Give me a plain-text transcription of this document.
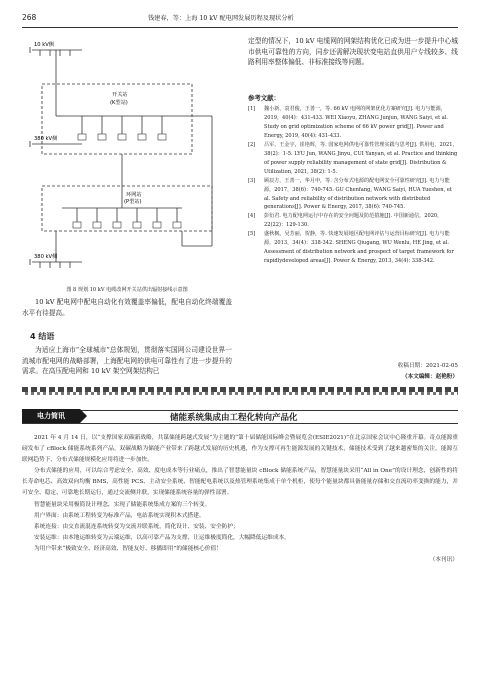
268	钱建春，等：上海 10 kV 配电网发展历程及现状分析
10 kV侧
380 kV侧
开关站
(K型站)
环网站
(P型站)
380 kV侧
图 8 规划 10 kV 电缆改网开关站供出辐射接线示意图

10 kV 配电网中配电自动化有效覆盖率偏低，配电自动化终端覆盖水平有待提高。

4 结语

为适应上海市“全球城市”总体规划，贯彻落实国网公司建设世界一流城市配电网的战略部署，上海配电网的供电可靠性有了进一步提升的需求。在高压配电网和 10 kV 架空网架结构已

定型的情况下，10 kV 电缆网的网架结构优化已成为进一步提升中心城市供电可靠性的方向，同步还需解决现状变电站直供用户专线较多、线路利用率整体偏低、非标准接线等问题。

参考文献：
[1]	魏小新，袁君俊，王善一，等. 66 kV 电网的网架优化方案研究[J]. 电力与能源，2019，40(4)：431-433. WEI Xiaoyu, ZHANG Junjun, WANG Saiyi, et al. Study on grid optimization scheme of 66 kV power grid[J]. Power and Energy, 2019, 40(4): 431-433.
[2]	吕军，王金宇，崔艳辉，等. 国家电网供电可靠性管理实践与思考[J]. 供用电，2021，38(2)：1-5. LYU Jun, WANG Jinyu, CUI Yanyan, et al. Practice and thinking of power supply reliability management of state grid[J]. Distribution & Utilization, 2021, 38(2): 1-5.
[3]	顾辰方，王善一，华月申，等. 含分布式电源的配电网安全可靠性研究[J]. 电力与能源，2017，38(6)：740-745. GU Chenfang, WANG Saiyi, HUA Yueshen, et al. Safety and reliability of distribution network with distributed generations[J]. Power & Energy, 2017, 38(6): 740-745.
[4]	彭衍君. 电力配电网运行中存在的安全问题及防范措施[J]. 中国新通信，2020，22(22)：129-130.
[5]	盛秋枫，吴芳丽，贺静，等. 快速发展地区配电网评估与运营目标研究[J]. 电力与能源，2013，34(4)：338-342. SHENG Qiugang, WU Wenlu, HE Jing, et al. Assessment of distribution network and prospect of target framework for rapidlydeveloped areas[J]. Power & Energy, 2013, 34(4): 338-342.
收稿日期：2021-02-05
（本文编辑：赵艳粉）
电力简讯	储能系统集成由工程化转向产品化

2021 年 4 月 14 日，以“支撑国家双碳新战略，共谋储能跨越式发展”为主题的“第十届储能国际峰会暨展览会(ESIE2021)”在北京国家会议中心隆重开幕。奇点能源重磅发布了 cBlock 储能系统系列产品。双碳战略为储能产业带来了跨越式发展的历史机遇，作为支撑可再生能源发展的关键技术，储能技术受到了越来越密集的关注。能源互联网趋势下，分布式储能规模化应用将进一步加快。

分布式储能的应用，可以综合考虑安全、高效、度电成本等行业痛点，推出了智慧能量块 cBlock 储能系统产品，智慧能量块采用“All in One”的设计理念，创新性的将长寿命电芯、高效双向均衡 BMS、高性能 PCS、主动安全系统、智能配电系统以及热管理系统集成于单个机柜，使每个能量块都具备能量存储和交直流功率变换的能力，并可安全、稳定、可靠地长期运行，通过交流侧并联，实现储能系统容量的弹性部署。

智慧能量块采用极简设计理念，实现了储能系统集成方案的三个转变。

用户界面：由系统工程转变为标准产品，电站系统实现积木式搭建。

系统连接：由交直流混连系统转变为交流并联系统，简化设计、安装、安全防护；

安装运维：由本地运维转变为云端运维，以高可靠产品为支撑，让运维极度简化，大幅降低运维成本。

为用户带来“极致安全、经济高效、智能友好、移播即用”的储能核心价值！

（本刊讯）
